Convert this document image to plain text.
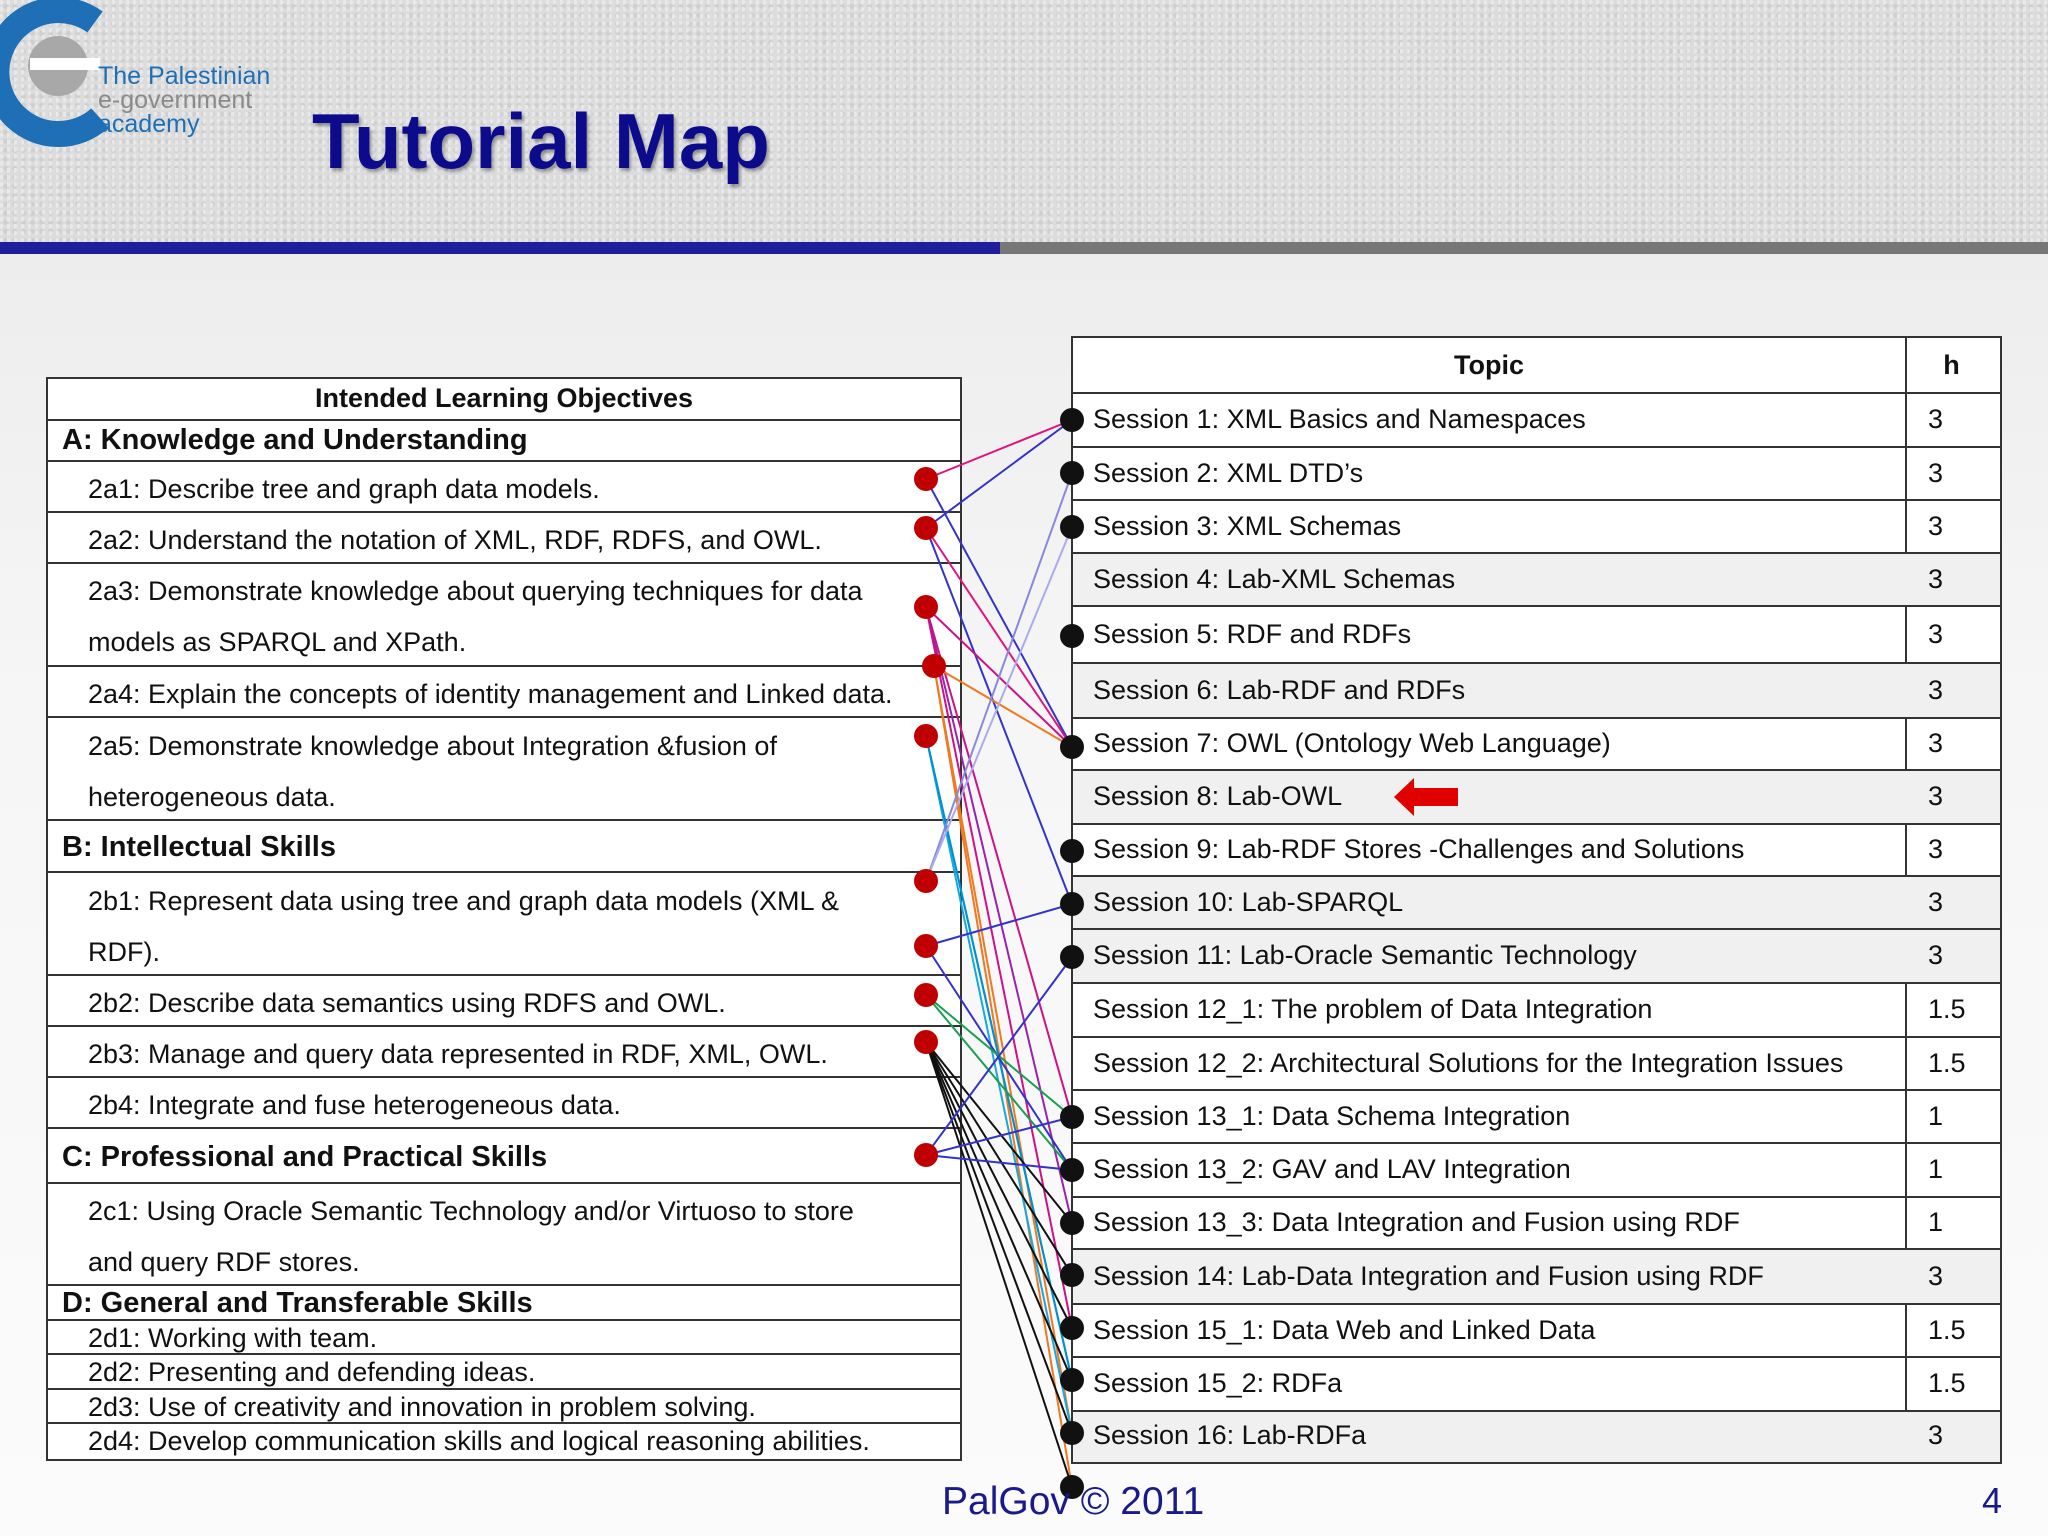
The Palestinian
e-government
academy	Tutorial Map
Intended Learning Objectives
A: Knowledge and Understanding
2a1: Describe tree and graph data models.
2a2: Understand the notation of XML, RDF, RDFS, and OWL.
2a3: Demonstrate knowledge about querying techniques for data
models as SPARQL and XPath.
2a4: Explain the concepts of identity management and Linked data.
2a5: Demonstrate knowledge about Integration &fusion of
heterogeneous data.
B: Intellectual Skills
2b1: Represent data using tree and graph data models (XML &
RDF).
2b2: Describe data semantics using RDFS and OWL.
2b3: Manage and query data represented in RDF, XML, OWL.
2b4: Integrate and fuse heterogeneous data.
C: Professional and Practical Skills
2c1: Using Oracle Semantic Technology and/or Virtuoso to store
and query RDF stores.
D: General and Transferable Skills
2d1: Working with team.
2d2: Presenting and defending ideas.
2d3: Use of creativity and innovation in problem solving.
2d4: Develop communication skills and logical reasoning abilities.
Topic	h
Session 1: XML Basics and Namespaces	3
Session 2: XML DTD’s	3
Session 3: XML Schemas	3
Session 4: Lab-XML Schemas	3
Session 5: RDF and RDFs	3
Session 6: Lab-RDF and RDFs	3
Session 7: OWL (Ontology Web Language)	3
Session 8: Lab-OWL	3
Session 9: Lab-RDF Stores -Challenges and Solutions	3
Session 10: Lab-SPARQL	3
Session 11: Lab-Oracle Semantic Technology	3
Session 12_1: The problem of Data Integration	1.5
Session 12_2: Architectural Solutions for the Integration Issues	1.5
Session 13_1: Data Schema Integration	1
Session 13_2: GAV and LAV Integration	1
Session 13_3: Data Integration and Fusion using RDF	1
Session 14: Lab-Data Integration and Fusion using RDF	3
Session 15_1: Data Web and Linked Data	1.5
Session 15_2: RDFa	1.5
Session 16: Lab-RDFa	3
PalGov © 2011	4
